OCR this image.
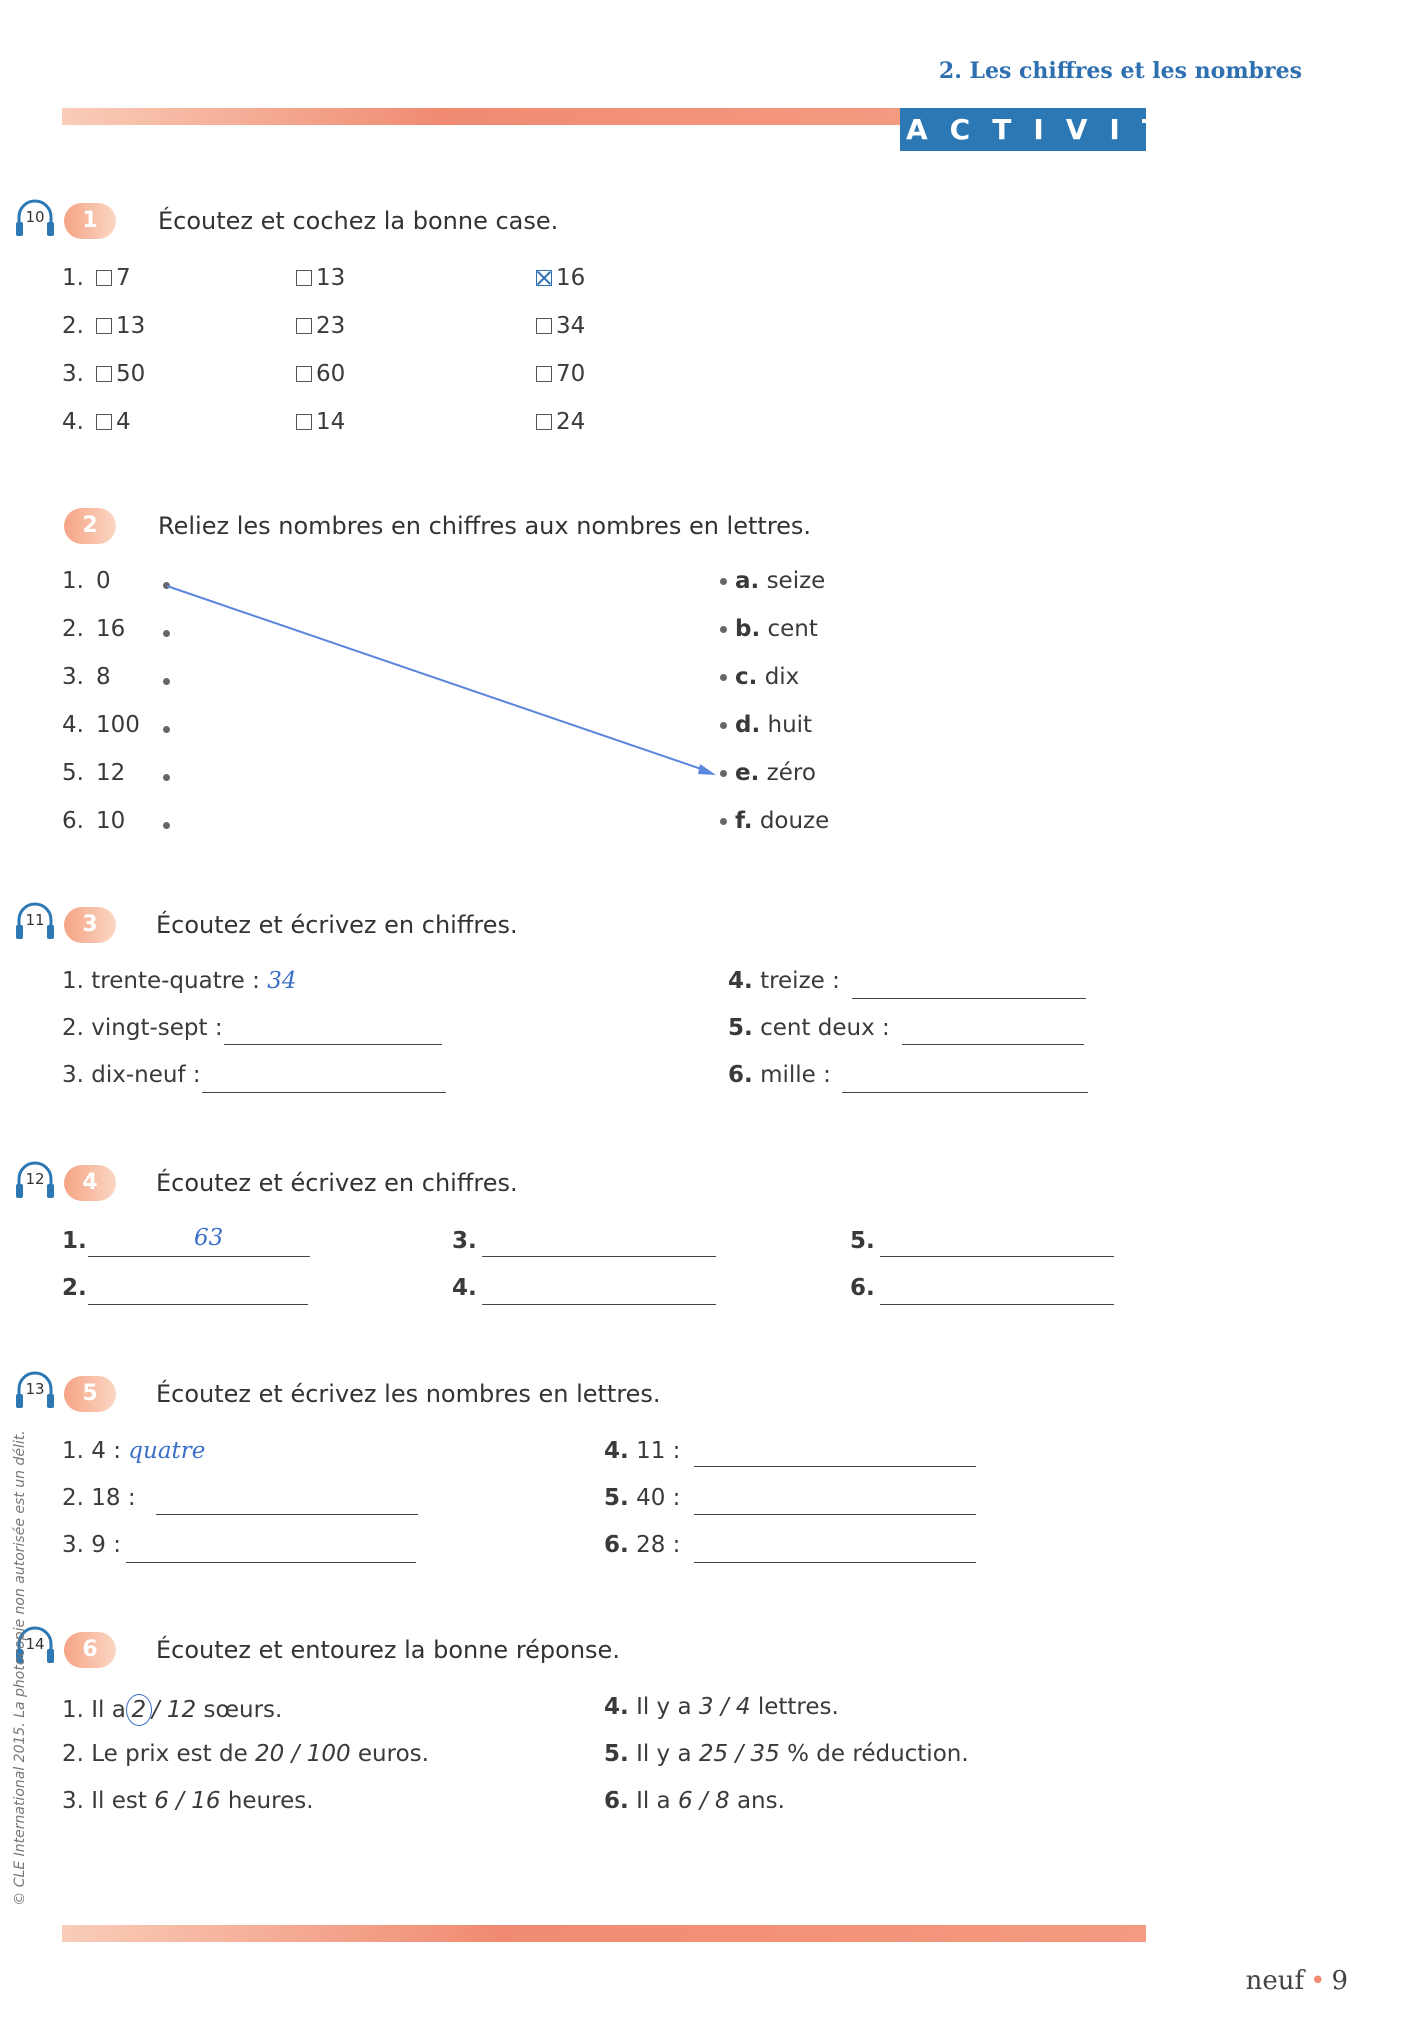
2. Les chiffres et les nombres
ACTIVITÉS
10	1	Écoutez et cochez la bonne case.
1.	7	13	16
2.	13	23	34
3.	50	60	70
4.	4	14	24
2	Reliez les nombres en chiffres aux nombres en lettres.
1. 0
2. 16
3. 8
4. 100
5. 12
6. 10
a. seize
b. cent
c. dix
d. huit
e. zéro
f. douze
11	3	Écoutez et écrivez en chiffres.
1. trente-quatre : 34
2. vingt-sept :
3. dix-neuf :
4. treize :
5. cent deux :
6. mille :
12	4	Écoutez et écrivez en chiffres.
1.	63
2.
3.
4.
5.
6.
13	5	Écoutez et écrivez les nombres en lettres.
1. 4 : quatre
2. 18 :
3. 9 :
4. 11 :
5. 40 :
6. 28 :
14	6	Écoutez et entourez la bonne réponse.
1. Il a 2 / 12 sœurs.
2. Le prix est de 20 / 100 euros.
3. Il est 6 / 16 heures.
4. Il y a 3 / 4 lettres.
5. Il y a 25 / 35 % de réduction.
6. Il a 6 / 8 ans.
© CLE International 2015. La photocopie non autorisée est un délit.
neuf • 9
